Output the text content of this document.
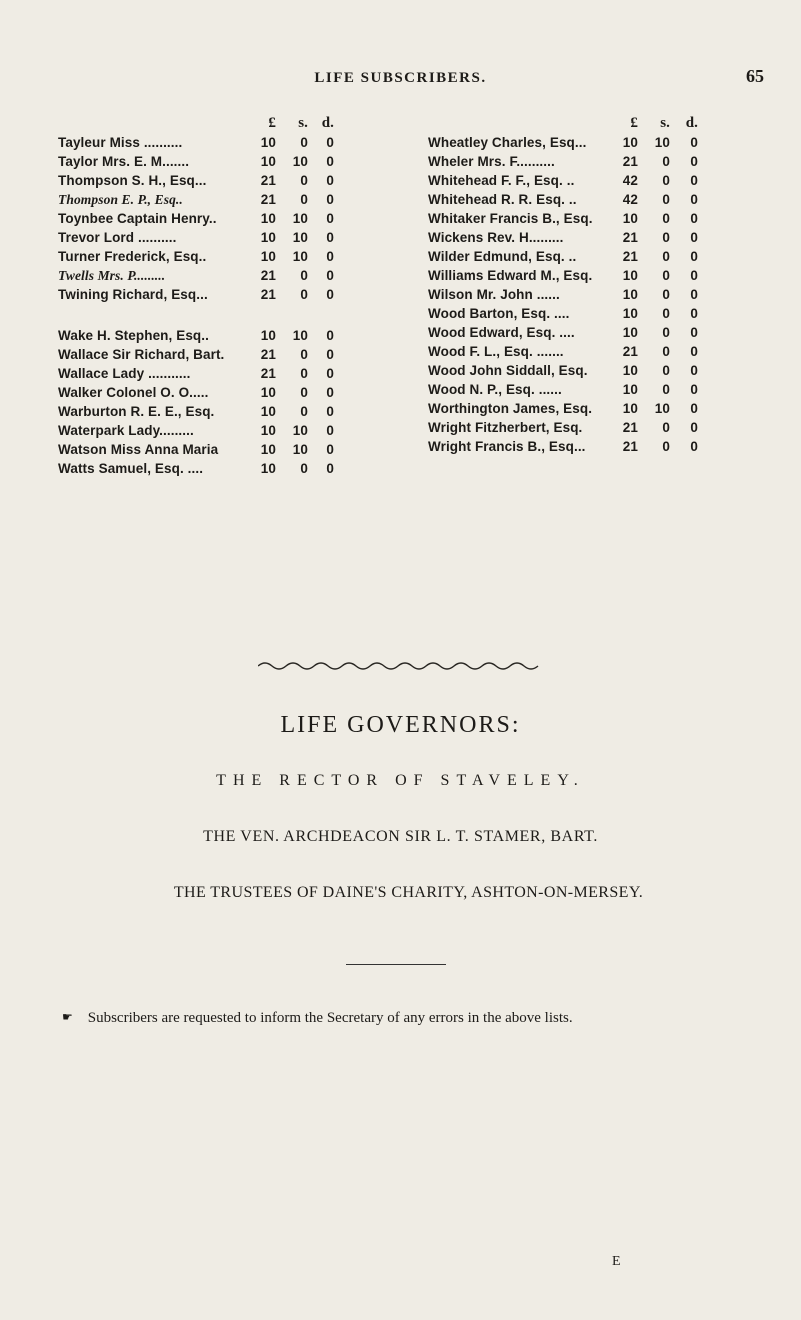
LIFE SUBSCRIBERS.	65
£	s. d.
Tayleur Miss ..........	10	0	0
Taylor Mrs. E. M.......	10	10	0
Thompson S. H., Esq...	21	0	0
Thompson E. P., Esq..	21	0	0
Toynbee Captain Henry..	10	10	0
Trevor Lord ..........	10	10	0
Turner Frederick, Esq..	10	10	0
Twells Mrs. P.........	21	0	0
Twining Richard, Esq...	21	0	0
Wake H. Stephen, Esq..	10	10	0
Wallace Sir Richard, Bart.	21	0	0
Wallace Lady ...........	21	0	0
Walker Colonel O. O.....	10	0	0
Warburton R. E. E., Esq.	10	0	0
Waterpark Lady.........	10	10	0
Watson Miss Anna Maria	10	10	0
Watts Samuel, Esq. ....	10	0	0
£	s. d.
Wheatley Charles, Esq...	10	10	0
Wheler Mrs. F..........	21	0	0
Whitehead F. F., Esq. ..	42	0	0
Whitehead R. R. Esq. ..	42	0	0
Whitaker Francis B., Esq.	10	0	0
Wickens Rev. H.........	21	0	0
Wilder Edmund, Esq. ..	21	0	0
Williams Edward M., Esq.	10	0	0
Wilson Mr. John ......	10	0	0
Wood Barton, Esq. ....	10	0	0
Wood Edward, Esq. ....	10	0	0
Wood F. L., Esq. .......	21	0	0
Wood John Siddall, Esq.	10	0	0
Wood N. P., Esq. ......	10	0	0
Worthington James, Esq.	10	10	0
Wright Fitzherbert, Esq.	21	0	0
Wright Francis B., Esq...	21	0	0
LIFE GOVERNORS:
THE RECTOR OF STAVELEY.
THE VEN. ARCHDEACON SIR L. T. STAMER, BART.
THE TRUSTEES OF DAINE'S CHARITY, ASHTON-ON-MERSEY.
☛ Subscribers are requested to inform the Secretary of any errors in the above lists.
E
